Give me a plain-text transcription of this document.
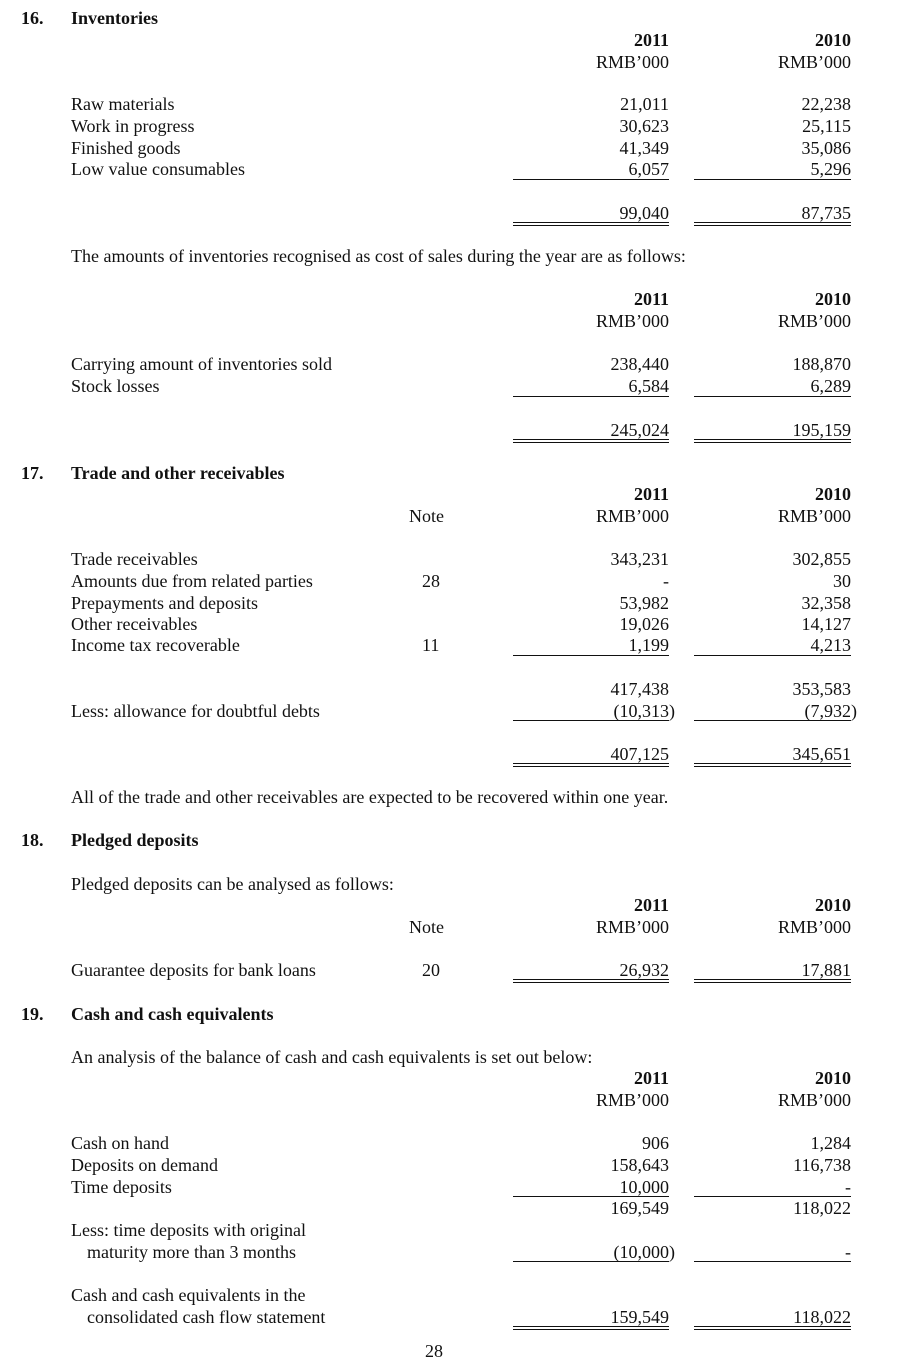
16. Inventories
2011	2010
RMB’000	RMB’000
Raw materials	21,011	22,238
Work in progress	30,623	25,115
Finished goods	41,349	35,086
Low value consumables	6,057	5,296
99,040	87,735
The amounts of inventories recognised as cost of sales during the year are as follows:
2011	2010
RMB’000	RMB’000
Carrying amount of inventories sold	238,440	188,870
Stock losses	6,584	6,289
245,024	195,159
17. Trade and other receivables
2011	2010
Note	RMB’000	RMB’000
Trade receivables	343,231	302,855
Amounts due from related parties	28	-	30
Prepayments and deposits	53,982	32,358
Other receivables	19,026	14,127
Income tax recoverable	11	1,199	4,213
417,438	353,583
Less: allowance for doubtful debts	(10,313)	(7,932)
407,125	345,651
All of the trade and other receivables are expected to be recovered within one year.
18. Pledged deposits
Pledged deposits can be analysed as follows:
2011	2010
Note	RMB’000	RMB’000
Guarantee deposits for bank loans	20	26,932	17,881
19. Cash and cash equivalents
An analysis of the balance of cash and cash equivalents is set out below:
2011	2010
RMB’000	RMB’000
Cash on hand	906	1,284
Deposits on demand	158,643	116,738
Time deposits	10,000	-
169,549	118,022
Less: time deposits with original
maturity more than 3 months	(10,000)	-
Cash and cash equivalents in the
consolidated cash flow statement	159,549	118,022
28
